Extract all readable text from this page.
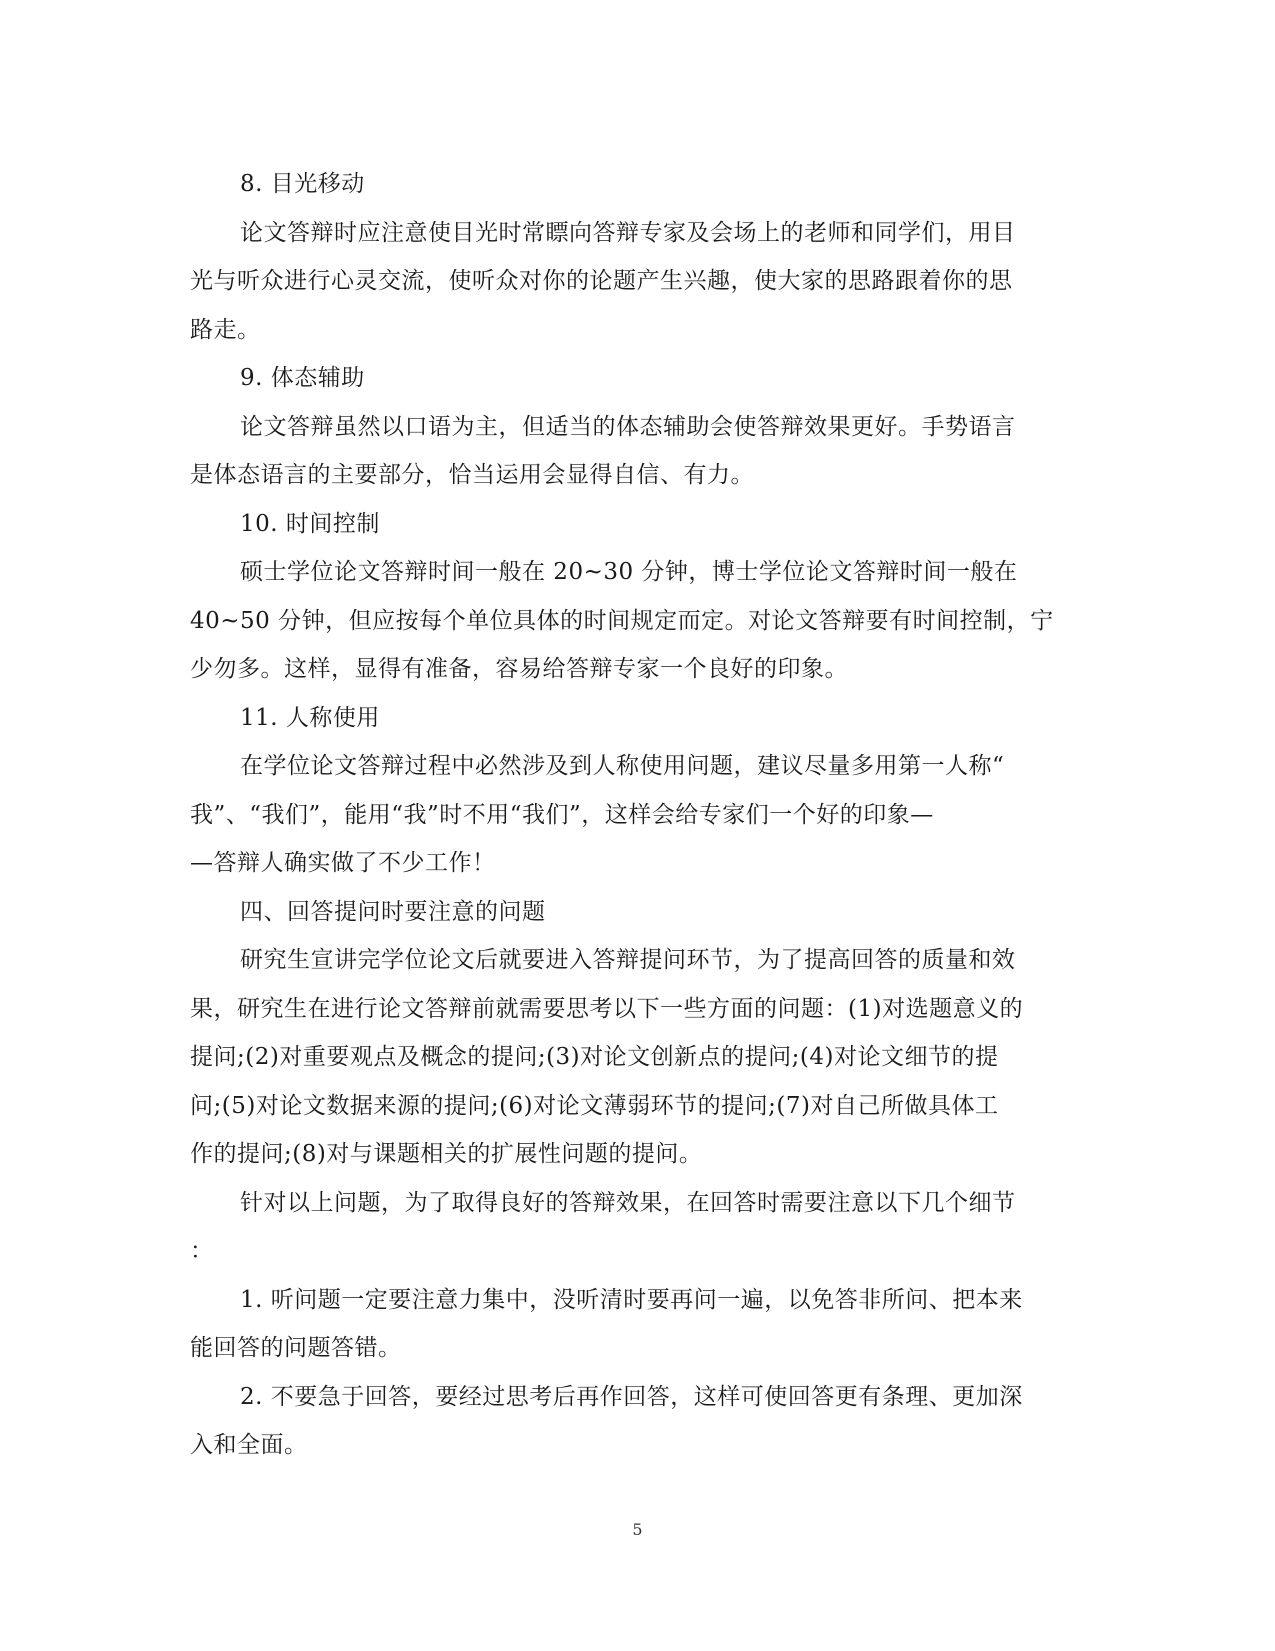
8. 目光移动
论文答辩时应注意使目光时常瞟向答辩专家及会场上的老师和同学们，用目
光与听众进行心灵交流，使听众对你的论题产生兴趣，使大家的思路跟着你的思
路走。
9. 体态辅助
论文答辩虽然以口语为主，但适当的体态辅助会使答辩效果更好。手势语言
是体态语言的主要部分，恰当运用会显得自信、有力。
10. 时间控制
硕士学位论文答辩时间一般在 20~30 分钟，博士学位论文答辩时间一般在
40~50 分钟，但应按每个单位具体的时间规定而定。对论文答辩要有时间控制，宁
少勿多。这样，显得有准备，容易给答辩专家一个良好的印象。
11. 人称使用
在学位论文答辩过程中必然涉及到人称使用问题，建议尽量多用第一人称“
我”、“我们”，能用“我”时不用“我们”，这样会给专家们一个好的印象—
—答辩人确实做了不少工作！
四、回答提问时要注意的问题
研究生宣讲完学位论文后就要进入答辩提问环节，为了提高回答的质量和效
果，研究生在进行论文答辩前就需要思考以下一些方面的问题：(1)对选题意义的
提问;(2)对重要观点及概念的提问;(3)对论文创新点的提问;(4)对论文细节的提
问;(5)对论文数据来源的提问;(6)对论文薄弱环节的提问;(7)对自己所做具体工
作的提问;(8)对与课题相关的扩展性问题的提问。
针对以上问题，为了取得良好的答辩效果，在回答时需要注意以下几个细节
：
1. 听问题一定要注意力集中，没听清时要再问一遍，以免答非所问、把本来
能回答的问题答错。
2. 不要急于回答，要经过思考后再作回答，这样可使回答更有条理、更加深
入和全面。
5
